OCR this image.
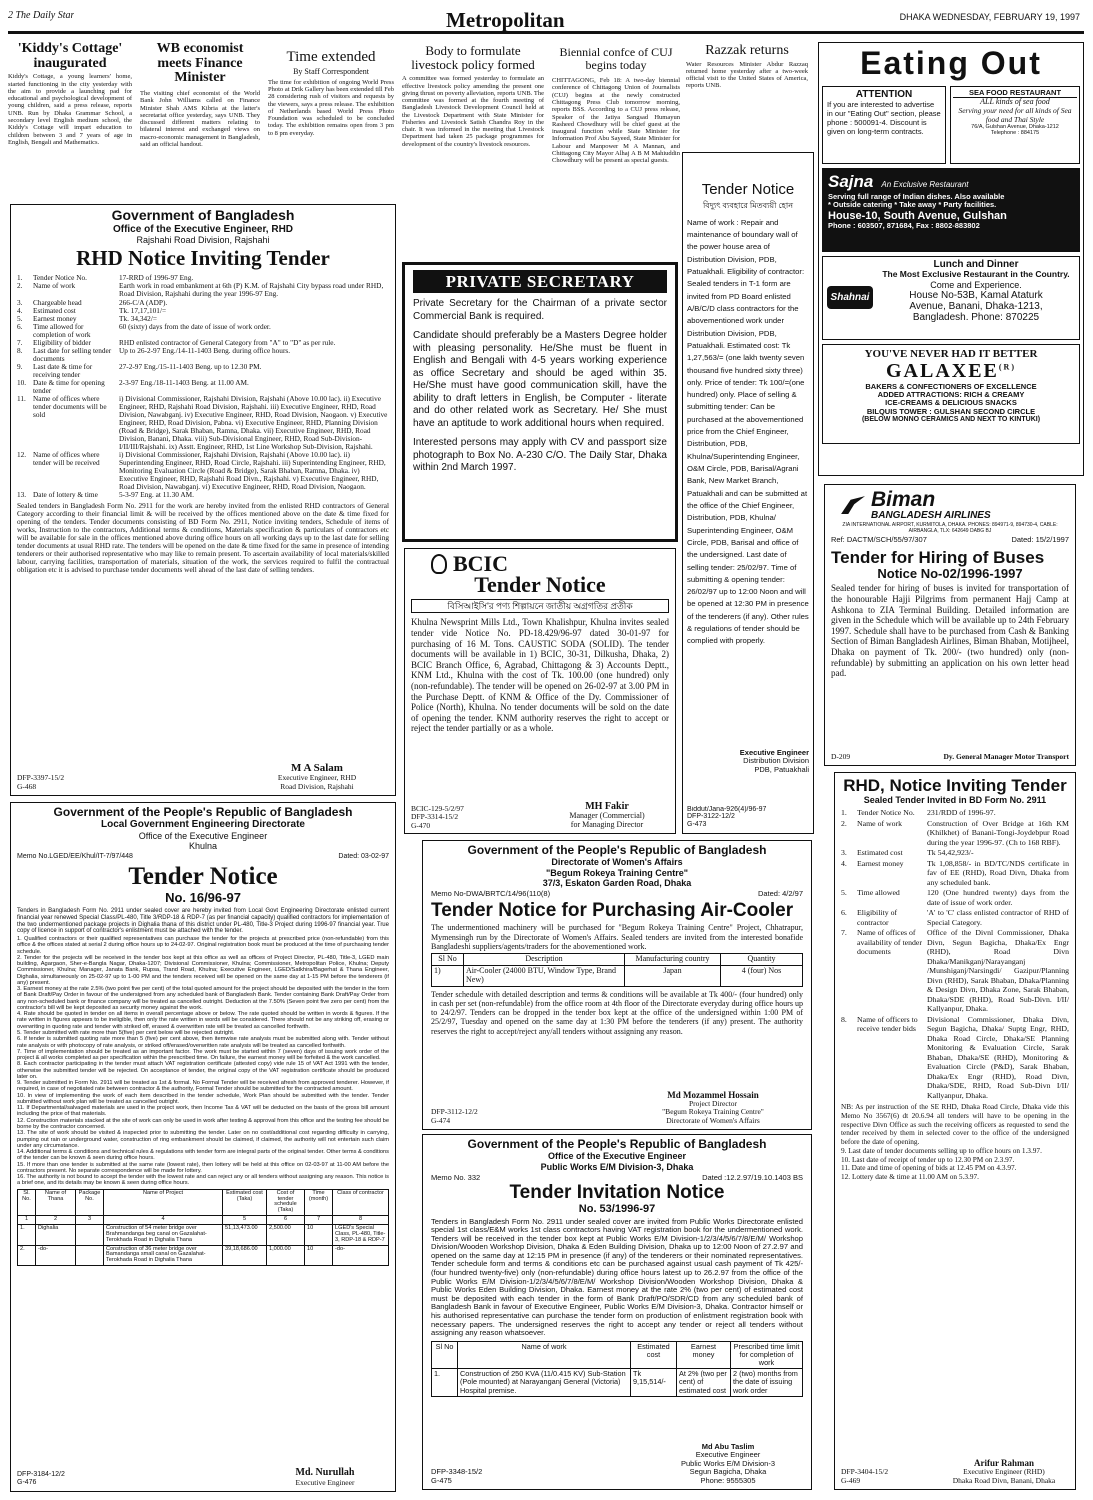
2 The Daily Star	Metropolitan	DHAKA WEDNESDAY, FEBRUARY 19, 1997
'Kiddy's Cottage' inaugurated
Kiddy's Cottage, a young learners' home, started functioning in the city yesterday with the aim to provide a launching pad for educational and psychological development of young children, said a press release, reports UNB. Run by Dhaka Grammar School, a secondary level English medium school, the Kiddy's Cottage will impart education to children between 3 and 7 years of age in English, Bengali and Mathematics.
WB economist meets Finance Minister
The visiting chief economist of the World Bank John Williams called on Finance Minister Shah AMS Kibria at the latter's secretariat office yesterday, says UNB. They discussed different matters relating to bilateral interest and exchanged views on macro-economic management in Bangladesh, said an official handout.
Time extended
By Staff Correspondent
The time for exhibition of ongoing World Press Photo at Drik Gallery has been extended till Feb 28 considering rush of visitors and requests by the viewers, says a press release. The exhibition of Netherlands based World Press Photo Foundation was scheduled to be concluded today. The exhibition remains open from 3 pm to 8 pm everyday.
Body to formulate livestock policy formed
A committee was formed yesterday to formulate an effective livestock policy amending the present one giving thrust on poverty alleviation, reports UNB. The committee was formed at the fourth meeting of Bangladesh Livestock Development Council held at the Livestock Department with State Minister for Fisheries and Livestock Satish Chandra Roy in the chair. It was informed in the meeting that Livestock Department had taken 25 package programmes for development of the country's livestock resources.
Biennial confce of CUJ begins today
CHITTAGONG, Feb 18: A two-day biennial conference of Chittagong Union of Journalists (CUJ) begins at the newly constructed Chittagong Press Club tomorrow morning, reports BSS. According to a CUJ press release, Speaker of the Jatiya Sangsad Humayun Rasheed Chowdhury will be chief guest at the inaugural function while State Minister for Information Prof Abu Sayeed, State Minister for Labour and Manpower M A Mannan, and Chittagong City Mayor Alhaj A B M Mahiuddin Chowdhury will be present as special guests.
Razzak returns
Water Resources Minister Abdur Razzaq returned home yesterday after a two-week official visit to the United States of America, reports UNB.
Government of Bangladesh
Office of the Executive Engineer, RHD
Rajshahi Road Division, Rajshahi
RHD Notice Inviting Tender
1.	Tender Notice No.	17-RRD of 1996-97 Eng.
2.	Name of work	Earth work in road embankment at 6th (P) K.M. of Rajshahi City bypass road under RHD, Road Division, Rajshahi during the year 1996-97 Eng.
3.	Chargeable head	266-C/A (ADP).
4.	Estimated cost	Tk. 17,17,101/=
5.	Earnest money	Tk. 34,342/=
6.	Time allowed for completion of work
60 (sixty) days from the date of issue of work order.
7.	Eligibility of bidder	RHD enlisted contractor of General Category from "A" to "D" as per rule.
8.	Last date for selling tender documents
Up to 26-2-97 Eng./14-11-1403 Beng. during office hours.
9.	Last date & time for receiving tender
27-2-97 Eng./15-11-1403 Beng. up to 12.30 PM.
10. Date & time for opening tender
2-3-97 Eng./18-11-1403 Beng. at 11.00 AM.
11. Name of offices where tender documents will be sold
i) Divisional Commissioner, Rajshahi Division, Rajshahi (Above 10.00 lac). ii) Executive Engineer, RHD, Rajshahi Road Division, Rajshahi. iii) Executive Engineer, RHD, Road Division, Nawabganj. iv) Executive Engineer, RHD, Road Division, Naogaon. v) Executive Engineer, RHD, Road Division, Pabna. vi) Executive Engineer, RHD, Planning Division (Road & Bridge), Sarak Bhaban, Ramna, Dhaka. vii) Executive Engineer, RHD, Road Division, Banani, Dhaka. viii) Sub-Divisional Engineer, RHD, Road Sub-Division-I/II/III/Rajshahi. ix) Asstt. Engineer, RHD, 1st Line Workshop Sub-Division, Rajshahi.
12. Name of offices where tender will be received
i) Divisional Commissioner, Rajshahi Division, Rajshahi (Above 10.00 lac). ii) Superintending Engineer, RHD, Road Circle, Rajshahi. iii) Superintending Engineer, RHD, Monitoring Evaluation Circle (Road & Bridge), Sarak Bhaban, Ramna, Dhaka. iv) Executive Engineer, RHD, Rajshahi Road Divn., Rajshahi. v) Executive Engineer, RHD, Road Division, Nawabganj. vi) Executive Engineer, RHD, Road Division, Naogaon.
13. Date of lottery & time	5-3-97 Eng. at 11.30 AM.
Sealed tenders in Bangladesh Form No. 2911 for the work are hereby invited from the enlisted RHD contractors of General Category according to their financial limit & will be received by the offices mentioned above on the date & time fixed for opening of the tenders. Tender documents consisting of BD Form No. 2911, Notice inviting tenders, Schedule of items of works, Instruction to the contractors, Additional terms & conditions, Materials specification & particulars of contractors etc will be available for sale in the offices mentioned above during office hours on all working days up to the last date for selling tender documents at usual RHD rate. The tenders will be opened on the date & time fixed for the same in presence of intending tenderers or their authorised representative who may like to remain present. To ascertain availability of local materials/skilled labour, carrying facilities, transportation of materials, situation of the work, the services required to fulfil the contractual obligation etc it is advised to purchase tender documents well ahead of the last date of selling tenders.
M A Salam
Executive Engineer, RHD
Road Division, Rajshahi
DFP-3397-15/2
G-468
Government of the People's Republic of Bangladesh
Local Government Engineering Directorate
Office of the Executive Engineer
Khulna
Memo No.LGED/EE/Khul/IT-7/97/448	Dated: 03-02-97
Tender Notice
No. 16/96-97
Tenders in Bangladesh Form No. 2911 under sealed cover are hereby invited from Local Govt Engineering Directorate enlisted current financial year renewed Special Class/PL-480, Title 3/RDP-18 & RDP-7 (as per financial capacity) qualified contractors for implementation of the two undermentioned package projects in Dighalia thana of this district under PL-480, Title-3 Project during 1996-97 financial year. True copy of licence in support of contractor's enlistment must be attached with the tender.
1. Qualified contractors or their qualified representatives can purchase the tender for the projects at prescribed price (non-refundable) from this office & the offices stated at serial 2 during office hours up to 24-02-97. Original registration book must be produced at the time of purchasing tender schedule.
2. Tender for the projects will be received in the tender box kept at this office as well as offices of Project Director, PL-480, Title-3, LGED main building, Agargaon, Sher-e-Bangla Nagar, Dhaka-1207; Divisional Commissioner, Khulna; Commissioner, Metropolitan Police, Khulna; Deputy Commissioner, Khulna; Manager, Janata Bank, Rupsa, Trand Road, Khulna; Executive Engineer, LGED/Satkhira/Bagerhat & Thana Engineer, Dighalia, simultaneously on 25-02-97 up to 1-00 PM and the tenders received will be opened on the same day at 1-15 PM before the tenderers (if any) present.
3. Earnest money at the rate 2.5% (two point five per cent) of the total quoted amount for the project should be deposited with the tender in the form of Bank Draft/Pay Order in favour of the undersigned from any scheduled bank of Bangladesh Bank. Tender containing Bank Draft/Pay Order from any non-scheduled bank or finance company will be treated as cancelled outright. Deduction at the 7.50% (Seven point five zero per cent) from the contractor's bill will be kept deposited as security money against the work.
4. Rate should be quoted in tender on all items in overall percentage above or below. The rate quoted should be written in words & figures. If the rate written in figures appears to be ineligible, then only the rate written in words will be considered. There should not be any striking off, erasing or overwriting in quoting rate and tender with striked off, erased & overwritten rate will be treated as cancelled forthwith.
5. Tender submitted with rate more than 5(five) per cent below will be rejected outright.
6. If tender is submitted quoting rate more than 5 (five) per cent above, then itemwise rate analysis must be submitted along with. Tender without rate analysis or with photocopy of rate analysis, or striked off/erased/overwritten rate analysis will be treated as cancelled forthwith.
7. Time of implementation should be treated as an important factor. The work must be started within 7 (seven) days of issuing work order of the project & all works completed as per specification within the prescribed time. On failure, the earnest money will be forfeited & the work cancelled.
8. Each contractor participating in the tender must attach VAT registration certificate (attested copy) vide rule 15 of VAT Act 1991 with the tender, otherwise the submitted tender will be rejected. On acceptance of tender, the original copy of the VAT registration certificate should be produced later on.
9. Tender submitted in Form No. 2911 will be treated as 1st & formal. No Formal Tender will be received afresh from approved tenderer. However, if required, in case of negotiated rate between contractor & the authority, Formal Tender should be submitted for the contracted amount.
10. In view of implementing the work of each item described in the tender schedule, Work Plan should be submitted with the tender. Tender submitted without work plan will be treated as cancelled outright.
11. If Departmental/salvaged materials are used in the project work, then Income Tax & VAT will be deducted on the basis of the gross bill amount including the price of that materials.
12. Construction materials stacked at the site of work can only be used in work after testing & approval from this office and the testing fee should be borne by the contractor concerned.
13. The site of work should be visited & inspected prior to submitting the tender. Later on no cost/additional cost regarding difficulty in carrying, pumping out rain or underground water, construction of ring embankment should be claimed, if claimed, the authority will not entertain such claim under any circumstance.
14. Additional terms & conditions and technical rules & regulations with tender form are integral parts of the original tender. Other terms & conditions of the tender can be known & seen during office hours.
15. If more than one tender is submitted at the same rate (lowest rate), then lottery will be held at this office on 02-03-97 at 11-00 AM before the contractors present. No separate correspondence will be made for lottery.
16. The authority is not bound to accept the tender with the lowest rate and can reject any or all tenders without assigning any reason. This notice is a brief one, and its details may be known & seen during office hours.
Sl. No.	Name of Thana	Package No.	Name of Project	Estimated cost (Taka)	Cost of tender schedule (Taka)	Time (month)	Class of contractor
1	2	3	4	5	6	7	8
1.	Dighalia		Construction of 54 meter bridge over Brahmandanga beg canal on Gazalahat-Terokhada Road in Dighalia Thana	51,13,473.00	2,500.00	10	LGED's Special Class, PL-480, Title-3, RDP-18 & RDP-7
2.	-do-		Construction of 36 meter bridge over Bamandanga small canal on Gazalahat-Terokhada Road in Dighalia Thana	39,18,686.00	1,000.00	10	-do-
DFP-3184-12/2
G-476
Md. Nurullah
Executive Engineer
PRIVATE SECRETARY
Private Secretary for the Chairman of a private sector Commercial Bank is required.
Candidate should preferably be a Masters Degree holder with pleasing personality. He/She must be fluent in English and Bengali with 4-5 years working experience as office Secretary and should be aged within 35. He/She must have good communication skill, have the ability to draft letters in English, be Computer - literate and do other related work as Secretary. He/ She must have an aptitude to work additional hours when required.
Interested persons may apply with CV and passport size photograph to Box No. A-230 C/O. The Daily Star, Dhaka within 2nd March 1997.
BCIC
Tender Notice
বিসিআইসি'র পণ্য শিল্পায়নে জাতীয় অগ্রগতির প্রতীক
Khulna Newsprint Mills Ltd., Town Khalishpur, Khulna invites sealed tender vide Notice No. PD-18.429/96-97 dated 30-01-97 for purchasing of 16 M. Tons. CAUSTIC SODA (SOLID). The tender documents will be available in 1) BCIC, 30-31, Dilkusha, Dhaka, 2) BCIC Branch Office, 6, Agrabad, Chittagong & 3) Accounts Deptt., KNM Ltd., Khulna with the cost of Tk. 100.00 (one hundred) only (non-refundable). The tender will be opened on 26-02-97 at 3.00 PM in the Purchase Deptt. of KNM & Office of the Dy. Commissioner of Police (North), Khulna. No tender documents will be sold on the date of opening the tender. KNM authority reserves the right to accept or reject the tender partially or as a whole.
MH Fakir
Manager (Commercial)
for Managing Director
BCIC-129-5/2/97
DFP-3314-15/2
G-470
Tender Notice
বিদ্যুৎ ব্যবহারে মিতব্যয়ী হোন
Name of work : Repair and maintenance of boundary wall of the power house area of Distribution Division, PDB, Patuakhali. Eligibility of contractor: Sealed tenders in T-1 form are invited from PD Board enlisted A/B/C/D class contractors for the abovementioned work under Distribution Division, PDB, Patuakhali. Estimated cost: Tk 1,27,563/= (one lakh twenty seven thousand five hundred sixty three) only. Price of tender: Tk 100/=(one hundred) only. Place of selling & submitting tender: Can be purchased at the abovementioned price from the Chief Engineer, Distribution, PDB, Khulna/Superintending Engineer, O&M Circle, PDB, Barisal/Agrani Bank, New Market Branch, Patuakhali and can be submitted at the office of the Chief Engineer, Distribution, PDB, Khulna/ Superintending Engineer, O&M Circle, PDB, Barisal and office of the undersigned. Last date of selling tender: 25/02/97. Time of submitting & opening tender: 26/02/97 up to 12:00 Noon and will be opened at 12:30 PM in presence of the tenderers (if any). Other rules & regulations of tender should be complied with properly.
Executive Engineer
Distribution Division
PDB, Patuakhali
Biddut/Jana-926(4)/96-97
DFP-3122-12/2
G-473
Government of the People's Republic of Bangladesh
Directorate of Women's Affairs
"Begum Rokeya Training Centre"
37/3, Eskaton Garden Road, Dhaka
Memo No-DWA/BRTC/14/96(110(8)	Dated: 4/2/97
Tender Notice for Purchasing Air-Cooler
The undermentioned machinery will be purchased for "Begum Rokeya Training Centre" Project, Chhatrapur, Mymensingh run by the Directorate of Women's Affairs. Sealed tenders are invited from the interested bonafide Bangladeshi suppliers/agents/traders for the abovementioned work.
Sl No	Description	Manufacturing country	Quantity
1)	Air-Cooler (24000 BTU, Window Type, Brand New)	Japan	4 (four) Nos
Tender schedule with detailed description and terms & conditions will be available at Tk 400/- (four hundred) only in cash per set (non-refundable) from the office room at 4th floor of the Directorate everyday during office hours up to 24/2/97. Tenders can be dropped in the tender box kept at the office of the undersigned within 1:00 PM of 25/2/97, Tuesday and opened on the same day at 1:30 PM before the tenderers (if any) present. The authority reserves the right to accept/reject any/all tenders without assigning any reason.
Md Mozammel Hossain
Project Director
"Begum Rokeya Training Centre"
Directorate of Women's Affairs
DFP-3112-12/2
G-474
Government of the People's Republic of Bangladesh
Office of the Executive Engineer
Public Works E/M Division-3, Dhaka
Memo No. 332	Dated :12.2.97/19.10.1403 BS
Tender Invitation Notice
No. 53/1996-97
Tenders in Bangladesh Form No. 2911 under sealed cover are invited from Public Works Directorate enlisted special 1st class/E&M works 1st class contractors having VAT registration book for the undermentioned work. Tenders will be received in the tender box kept at Public Works E/M Division-1/2/3/4/5/6/7/8/E/M/ Workshop Division/Wooden Workshop Division, Dhaka & Eden Building Division, Dhaka up to 12:00 Noon of 27.2.97 and opened on the same day at 12:15 PM in presence (if any) of the tenderers or their nominated representatives. Tender schedule form and terms & conditions etc can be purchased against usual cash payment of Tk 425/- (four hundred twenty-five) only (non-refundable) during office hours latest up to 26.2.97 from the office of the Public Works E/M Division-1/2/3/4/5/6/7/8/E/M/ Workshop Division/Wooden Workshop Division, Dhaka & Public Works Eden Building Division, Dhaka. Earnest money at the rate 2% (two per cent) of estimated cost must be deposited with each tender in the form of Bank Draft/PO/SDR/CD from any scheduled bank of Bangladesh Bank in favour of Executive Engineer, Public Works E/M Division-3, Dhaka. Contractor himself or his authorised representative can purchase the tender form on production of enlistment registration book with necessary papers. The undersigned reserves the right to accept any tender or reject all tenders without assigning any reason whatsoever.
Sl No	Name of work	Estimated cost	Earnest money	Prescribed time limit for completion of work
1.	Construction of 250 KVA (11/0.415 KV) Sub-Station (Pole mounted) at Narayanganj General (Victoria) Hospital premise.	Tk 9,15,514/-	At 2% (two per cent) of estimated cost	2 (two) months from the date of issuing work order
Md Abu Taslim
Executive Engineer
Public Works E/M Division-3
Segun Bagicha, Dhaka
Phone: 9555305
DFP-3348-15/2
G-475
Eating Out
ATTENTION
If you are interested to advertise in our "Eating Out" section, please phone : 500091-4. Discount is given on long-term contracts.
SEA FOOD RESTAURANT
ALL kinds of sea food
Serving your need for all kinds of Sea food and Thai Style
76/A, Gulshan Avenue, Dhaka-1212
Telephone : 884175
Sajna An Exclusive Restaurant
Serving full range of Indian dishes. Also available
* Outside catering * Take away * Party facilities.
House-10, South Avenue, Gulshan
Phone : 603507, 871684, Fax : 8802-883802
Shahnai
Lunch and Dinner
The Most Exclusive Restaurant in the Country.
Come and Experience.
House No-53B, Kamal Ataturk
Avenue, Banani, Dhaka-1213,
Bangladesh. Phone: 870225
YOU'VE NEVER HAD IT BETTER
$GALAXEE^{(R)}$
BAKERS & CONFECTIONERS OF EXCELLENCE
ADDED ATTRACTIONS: RICH & CREAMY
ICE-CREAMS & DELICIOUS SNACKS
BILQUIS TOWER : GULSHAN SECOND CIRCLE
(BELOW MONNO CERAMICS AND NEXT TO KINTUKI)
Biman
BANGLADESH AIRLINES
ZIA INTERNATIONAL AIRPORT, KURMITOLA, DHAKA. PHONES: 894971-9, 894730-4, CABLE: AIRBANGLA, TLX: 642649 DABG BJ
Ref: DACTM/SCH/55/97/307	Dated: 15/2/1997
Tender for Hiring of Buses
Notice No-02/1996-1997
Sealed tender for hiring of buses is invited for transportation of the honourable Hajji Pilgrims from permanent Hajj Camp at Ashkona to ZIA Terminal Building. Detailed information are given in the Schedule which will be available up to 24th February 1997. Schedule shall have to be purchased from Cash & Banking Section of Biman Bangladesh Airlines, Biman Bhaban, Motijheel, Dhaka on payment of Tk. 200/- (two hundred) only (non-refundable) by submitting an application on his own letter head pad.
D-209	Dy. General Manager Motor Transport
RHD, Notice Inviting Tender
Sealed Tender Invited in BD Form No. 2911
1.	Tender Notice No.	231/RDD of 1996-97.
2.	Name of work	Construction of Over Bridge at 16th KM (Khilkhet) of Banani-Tongi-Joydebpur Road during the year 1996-97. (Ch to 168 RBF).
3.	Estimated cost	Tk 54,42,923/-
4.	Earnest money	Tk 1,08,858/- in BD/TC/NDS certificate in fav of EE (RHD), Road Divn, Dhaka from any scheduled bank.
5.	Time allowed	120 (One hundred twenty) days from the date of issue of work order.
6.	Eligibility of contractor
'A' to 'C' class enlisted contractor of RHD of Special Category.
7.	Name of offices of availability of tender documents
Office of the Divnl Commissioner, Dhaka Divn, Segun Bagicha, Dhaka/Ex Engr (RHD), Road Divn Dhaka/Manikganj/Narayanganj /Munshiganj/Narsingdi/ Gazipur/Planning Divn (RHD), Sarak Bhaban, Dhaka/Planning & Design Divn, Dhaka Zone, Sarak Bhaban, Dhaka/SDE (RHD), Road Sub-Divn. I/II/ Kallyanpur, Dhaka.
8.	Name of officers to receive tender bids
Divisional Commissioner, Dhaka Divn, Segun Bagicha, Dhaka/ Suptg Engr, RHD, Dhaka Road Circle, Dhaka/SE Planning Monitoring & Evaluation Circle, Sarak Bhaban, Dhaka/SE (RHD), Monitoring & Evaluation Circle (P&D), Sarak Bhaban, Dhaka/Ex Engr (RHD), Road Divn, Dhaka/SDE, RHD, Road Sub-Divn I/II/ Kallyanpur, Dhaka.
NB: As per instruction of the SE RHD, Dhaka Road Circle, Dhaka vide this Memo No 3567(6) dt 20.6.94 all tenders will have to be opening in the respective Divn Office as such the receiving officers as requested to send the tender received by them in selected cover to the office of the undersigned before the date of opening.
9. Last date of tender documents selling up to office hours on 1.3.97.
10. Last date of receipt of tender up to 12.30 PM on 2.3.97.
11. Date and time of opening of bids at 12.45 PM on 4.3.97.
12. Lottery date & time at 11.00 AM on 5.3.97.
Arifur Rahman
Executive Engineer (RHD)
Dhaka Road Divn, Banani, Dhaka
DFP-3404-15/2
G-469
